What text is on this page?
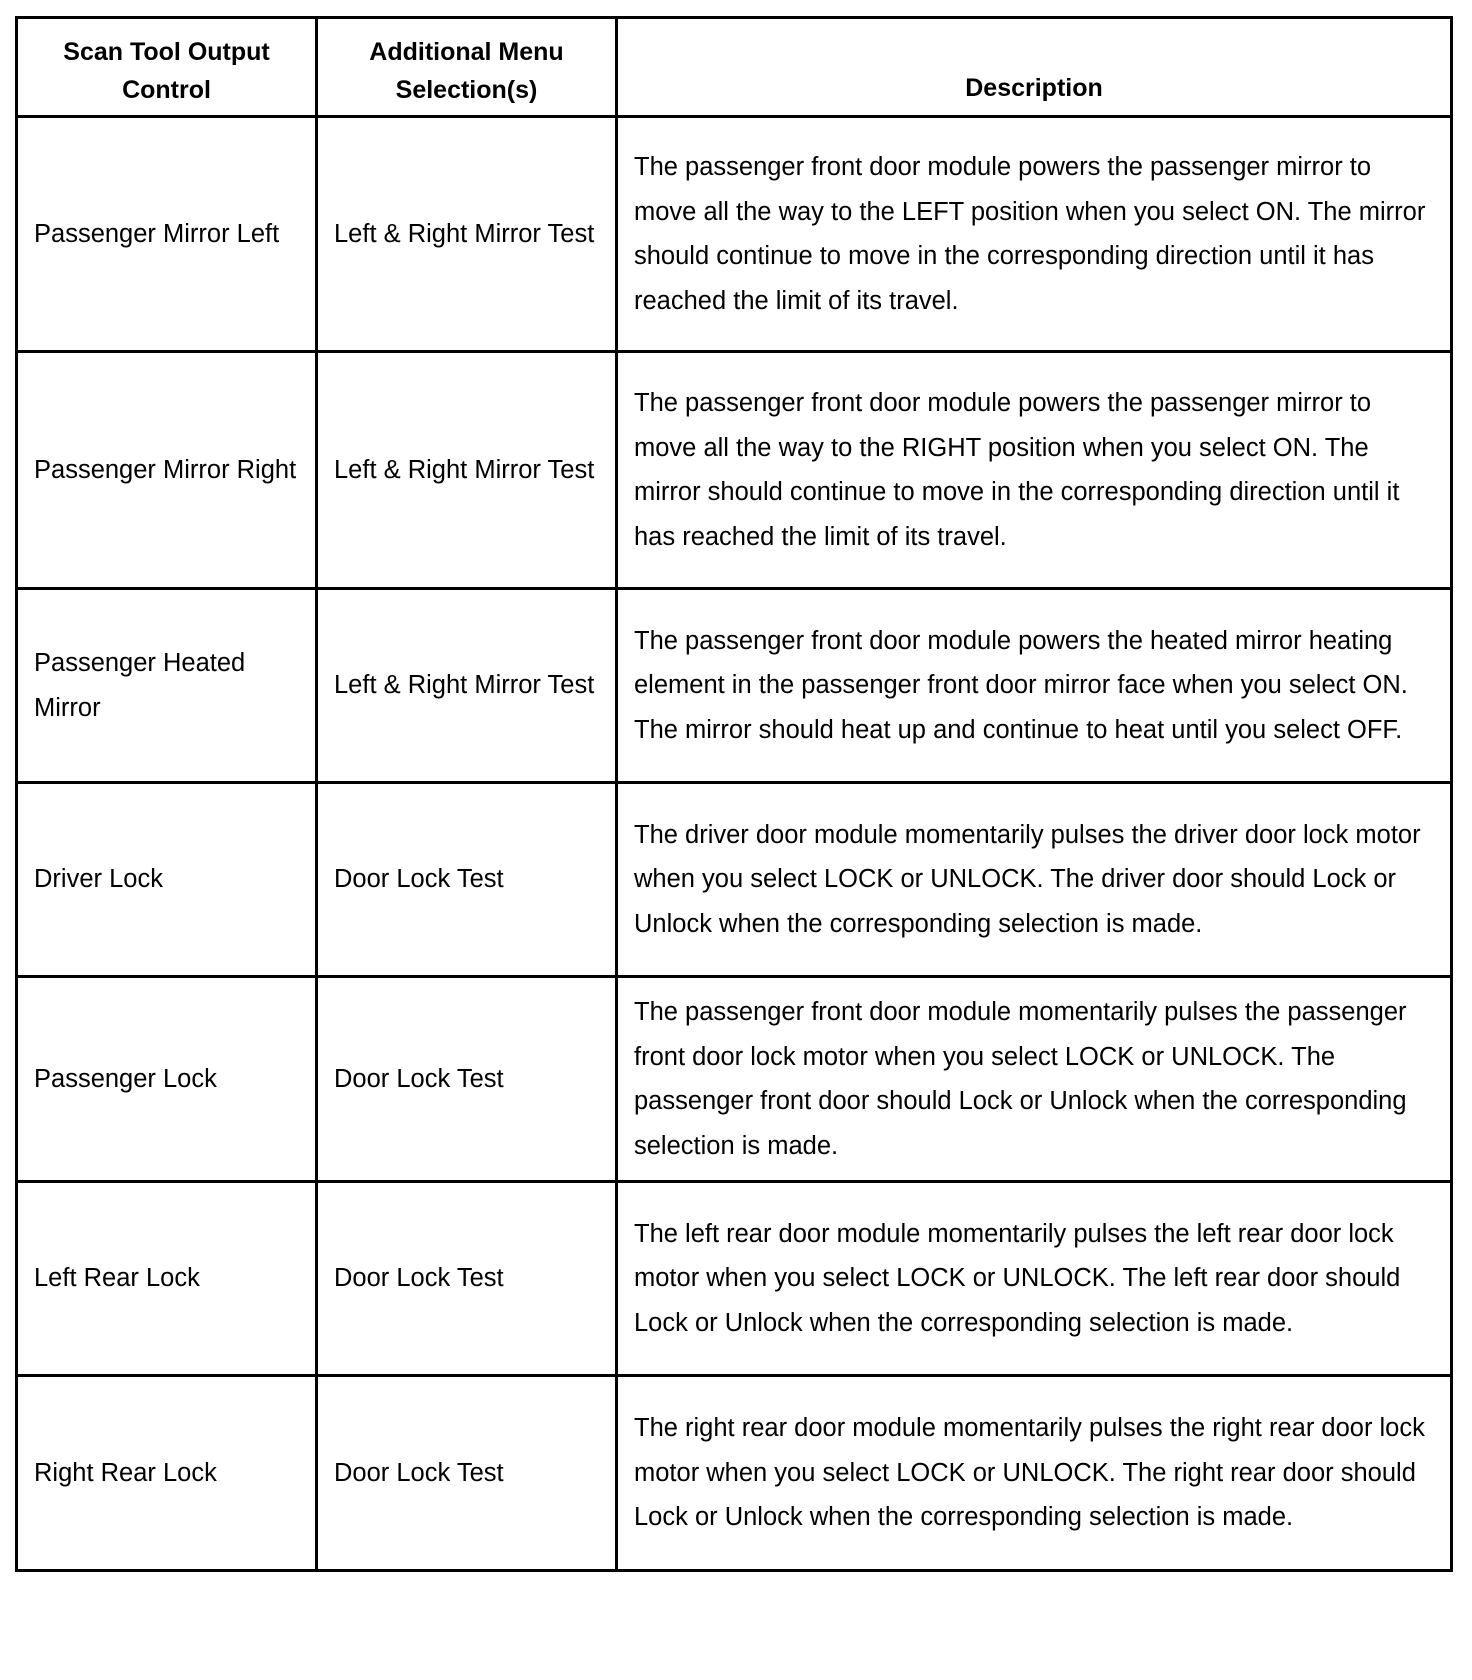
Scan Tool Output Control	Additional Menu Selection(s)	Description
Passenger Mirror Left	Left & Right Mirror Test	The passenger front door module powers the passenger mirror to move all the way to the LEFT position when you select ON. The mirror should continue to move in the corresponding direction until it has reached the limit of its travel.
Passenger Mirror Right	Left & Right Mirror Test	The passenger front door module powers the passenger mirror to move all the way to the RIGHT position when you select ON. The mirror should continue to move in the corresponding direction until it has reached the limit of its travel.
Passenger Heated Mirror	Left & Right Mirror Test	The passenger front door module powers the heated mirror heating element in the passenger front door mirror face when you select ON. The mirror should heat up and continue to heat until you select OFF.
Driver Lock	Door Lock Test	The driver door module momentarily pulses the driver door lock motor when you select LOCK or UNLOCK. The driver door should Lock or Unlock when the corresponding selection is made.
Passenger Lock	Door Lock Test	The passenger front door module momentarily pulses the passenger front door lock motor when you select LOCK or UNLOCK. The passenger front door should Lock or Unlock when the corresponding selection is made.
Left Rear Lock	Door Lock Test	The left rear door module momentarily pulses the left rear door lock motor when you select LOCK or UNLOCK. The left rear door should Lock or Unlock when the corresponding selection is made.
Right Rear Lock	Door Lock Test	The right rear door module momentarily pulses the right rear door lock motor when you select LOCK or UNLOCK. The right rear door should Lock or Unlock when the corresponding selection is made.
